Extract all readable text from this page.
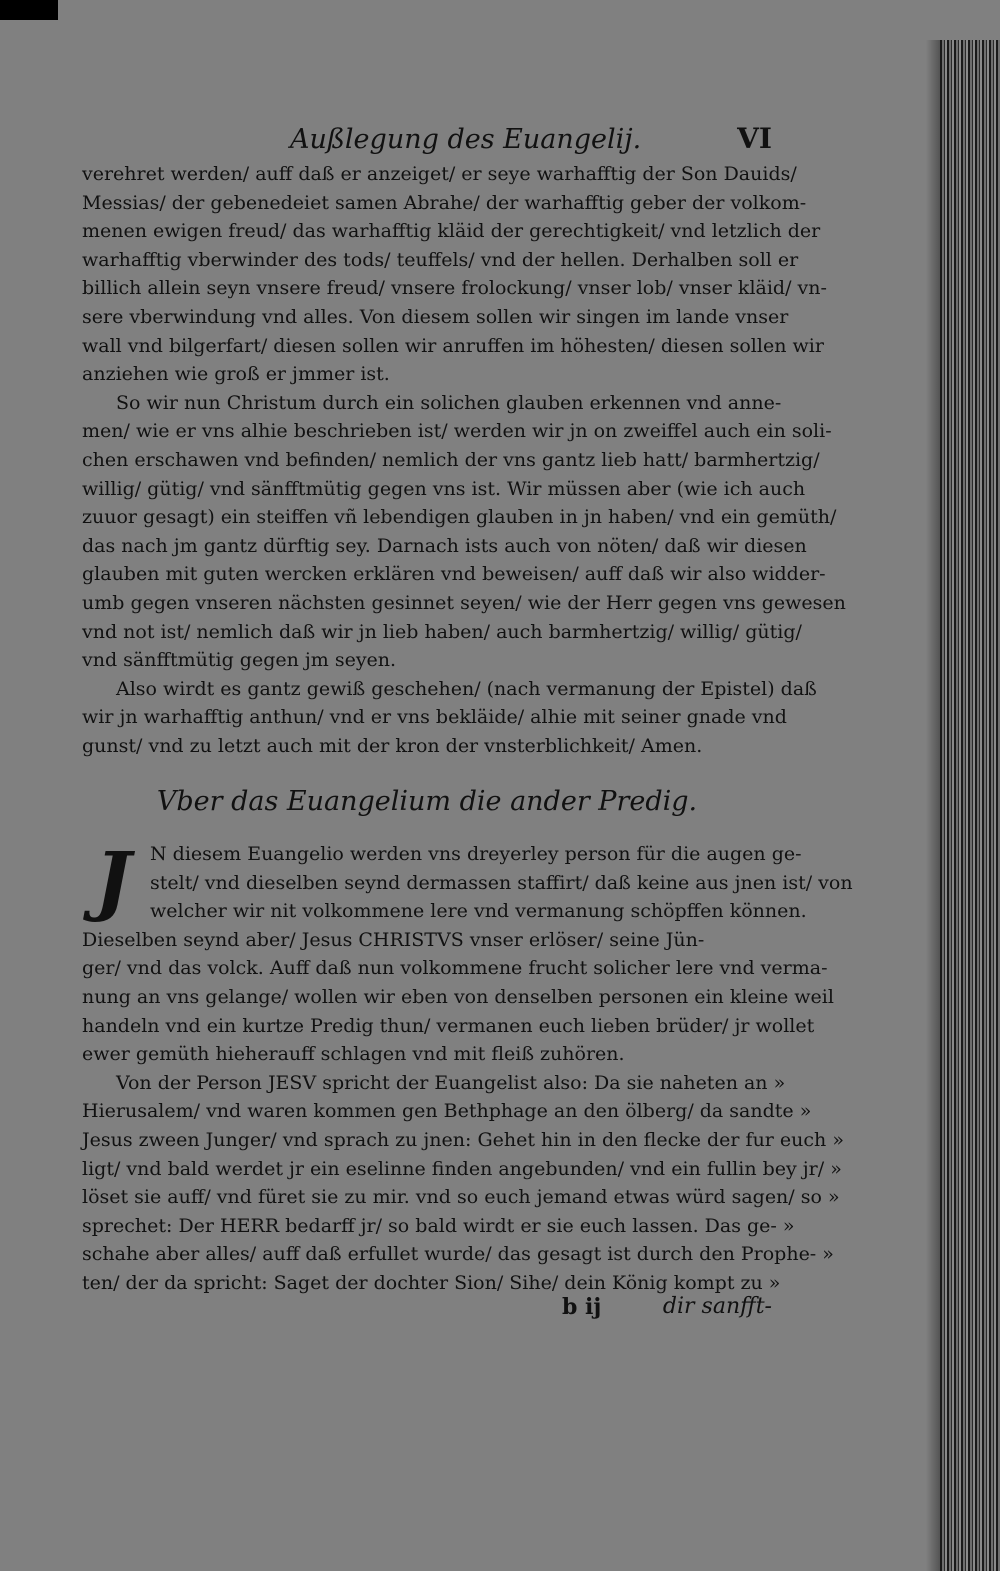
Außlegung des Euangelij.	VI
verehret werden/ auff daß er anzeiget/ er seye warhafftig der Son Dauids/
Messias/ der gebenedeiet samen Abrahe/ der warhafftig geber der volkom-
menen ewigen freud/ das warhafftig kläid der gerechtigkeit/ vnd letzlich der
warhafftig vberwinder des tods/ teuffels/ vnd der hellen. Derhalben soll er
billich allein seyn vnsere freud/ vnsere frolockung/ vnser lob/ vnser kläid/ vn-
sere vberwindung vnd alles. Von diesem sollen wir singen im lande vnser
wall vnd bilgerfart/ diesen sollen wir anruffen im höhesten/ diesen sollen wir
anziehen wie groß er jmmer ist.
So wir nun Christum durch ein solichen glauben erkennen vnd anne-
men/ wie er vns alhie beschrieben ist/ werden wir jn on zweiffel auch ein soli-
chen erschawen vnd befinden/ nemlich der vns gantz lieb hatt/ barmhertzig/
willig/ gütig/ vnd sänfftmütig gegen vns ist. Wir müssen aber (wie ich auch
zuuor gesagt) ein steiffen vñ lebendigen glauben in jn haben/ vnd ein gemüth/
das nach jm gantz dürftig sey. Darnach ists auch von nöten/ daß wir diesen
glauben mit guten wercken erklären vnd beweisen/ auff daß wir also widder-
umb gegen vnseren nächsten gesinnet seyen/ wie der Herr gegen vns gewesen
vnd not ist/ nemlich daß wir jn lieb haben/ auch barmhertzig/ willig/ gütig/
vnd sänfftmütig gegen jm seyen.
Also wirdt es gantz gewiß geschehen/ (nach vermanung der Epistel) daß
wir jn warhafftig anthun/ vnd er vns bekläide/ alhie mit seiner gnade vnd
gunst/ vnd zu letzt auch mit der kron der vnsterblichkeit/ Amen.
Vber das Euangelium die ander Predig.
J	N diesem Euangelio werden vns dreyerley person für die augen ge-
stelt/ vnd dieselben seynd dermassen staffirt/ daß keine aus jnen ist/ von
welcher wir nit volkommene lere vnd vermanung schöpffen können.
Dieselben seynd aber/ Jesus CHRISTVS vnser erlöser/ seine Jün-
ger/ vnd das volck. Auff daß nun volkommene frucht solicher lere vnd verma-
nung an vns gelange/ wollen wir eben von denselben personen ein kleine weil
handeln vnd ein kurtze Predig thun/ vermanen euch lieben brüder/ jr wollet
ewer gemüth hieherauff schlagen vnd mit fleiß zuhören.
Von der Person JESV spricht der Euangelist also: Da sie naheten an »
Hierusalem/ vnd waren kommen gen Bethphage an den ölberg/ da sandte »
Jesus zween Junger/ vnd sprach zu jnen: Gehet hin in den flecke der fur euch »
ligt/ vnd bald werdet jr ein eselinne finden angebunden/ vnd ein fullin bey jr/ »
löset sie auff/ vnd füret sie zu mir. vnd so euch jemand etwas würd sagen/ so »
sprechet: Der HERR bedarff jr/ so bald wirdt er sie euch lassen. Das ge- »
schahe aber alles/ auff daß erfullet wurde/ das gesagt ist durch den Prophe- »
ten/ der da spricht: Saget der dochter Sion/ Sihe/ dein König kompt zu »
b ij	dir sanfft-
